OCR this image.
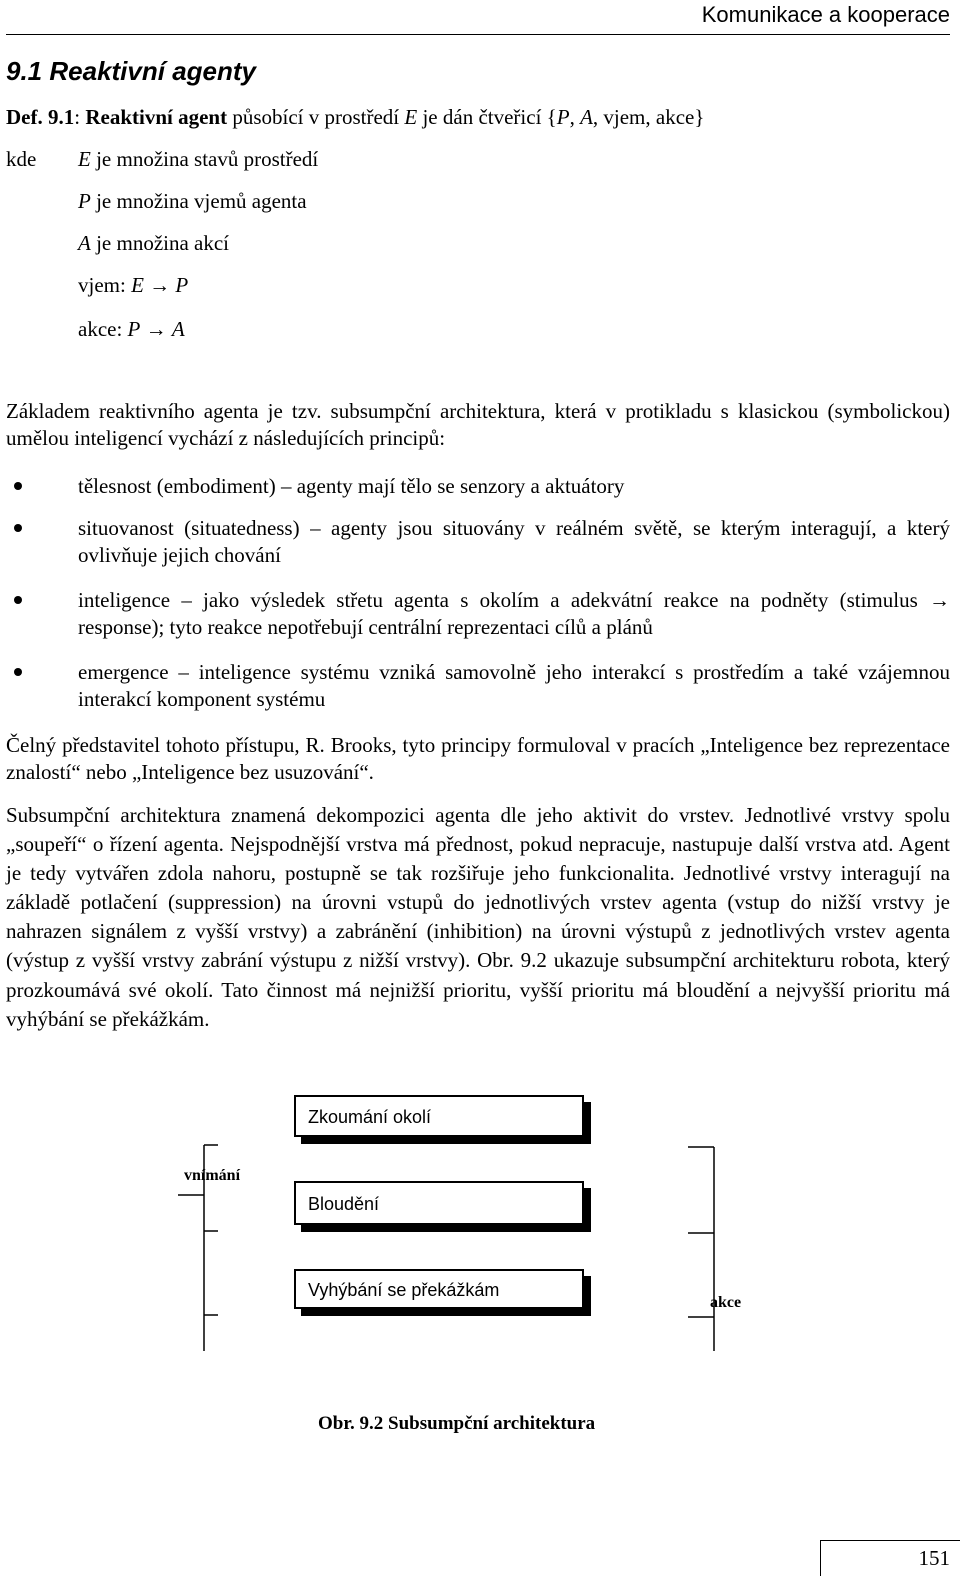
Komunikace a kooperace
9.1 Reaktivní agenty
Def. 9.1: Reaktivní agent působící v prostředí E je dán čtveřicí {P, A, vjem, akce}
kde E je množina stavů prostředí
P je množina vjemů agenta
A je množina akcí
vjem: E → P
akce: P → A
Základem reaktivního agenta je tzv. subsumpční architektura, která v protikladu s klasickou (symbolickou) umělou inteligencí vychází z následujících principů:
tělesnost (embodiment) – agenty mají tělo se senzory a aktuátory
situovanost (situatedness) – agenty jsou situovány v reálném světě, se kterým interagují, a který ovlivňuje jejich chování
inteligence – jako výsledek střetu agenta s okolím a adekvátní reakce na podněty (stimulus → response); tyto reakce nepotřebují centrální reprezentaci cílů a plánů
emergence – inteligence systému vzniká samovolně jeho interakcí s prostředím a také vzájemnou interakcí komponent systému
Čelný představitel tohoto přístupu, R. Brooks, tyto principy formuloval v pracích „Inteligence bez reprezentace znalostí“ nebo „Inteligence bez usuzování“.
Subsumpční architektura znamená dekompozici agenta dle jeho aktivit do vrstev. Jednotlivé vrstvy spolu „soupeří“ o řízení agenta. Nejspodnější vrstva má přednost, pokud nepracuje, nastupuje další vrstva atd. Agent je tedy vytvářen zdola nahoru, postupně se tak rozšiřuje jeho funkcionalita. Jednotlivé vrstvy interagují na základě potlačení (suppression) na úrovni vstupů do jednotlivých vrstev agenta (vstup do nižší vrstvy je nahrazen signálem z vyšší vrstvy) a zabránění (inhibition) na úrovni výstupů z jednotlivých vrstev agenta (výstup z vyšší vrstvy zabrání výstupu z nižší vrstvy). Obr. 9.2 ukazuje subsumpční architekturu robota, který prozkoumává své okolí. Tato činnost má nejnižší prioritu, vyšší prioritu má bloudění a nejvyšší prioritu má vyhýbání se překážkám.
Zkoumání okolí
Bloudění
Vyhýbání se překážkám
vnímání
akce
Obr. 9.2 Subsumpční architektura
151
